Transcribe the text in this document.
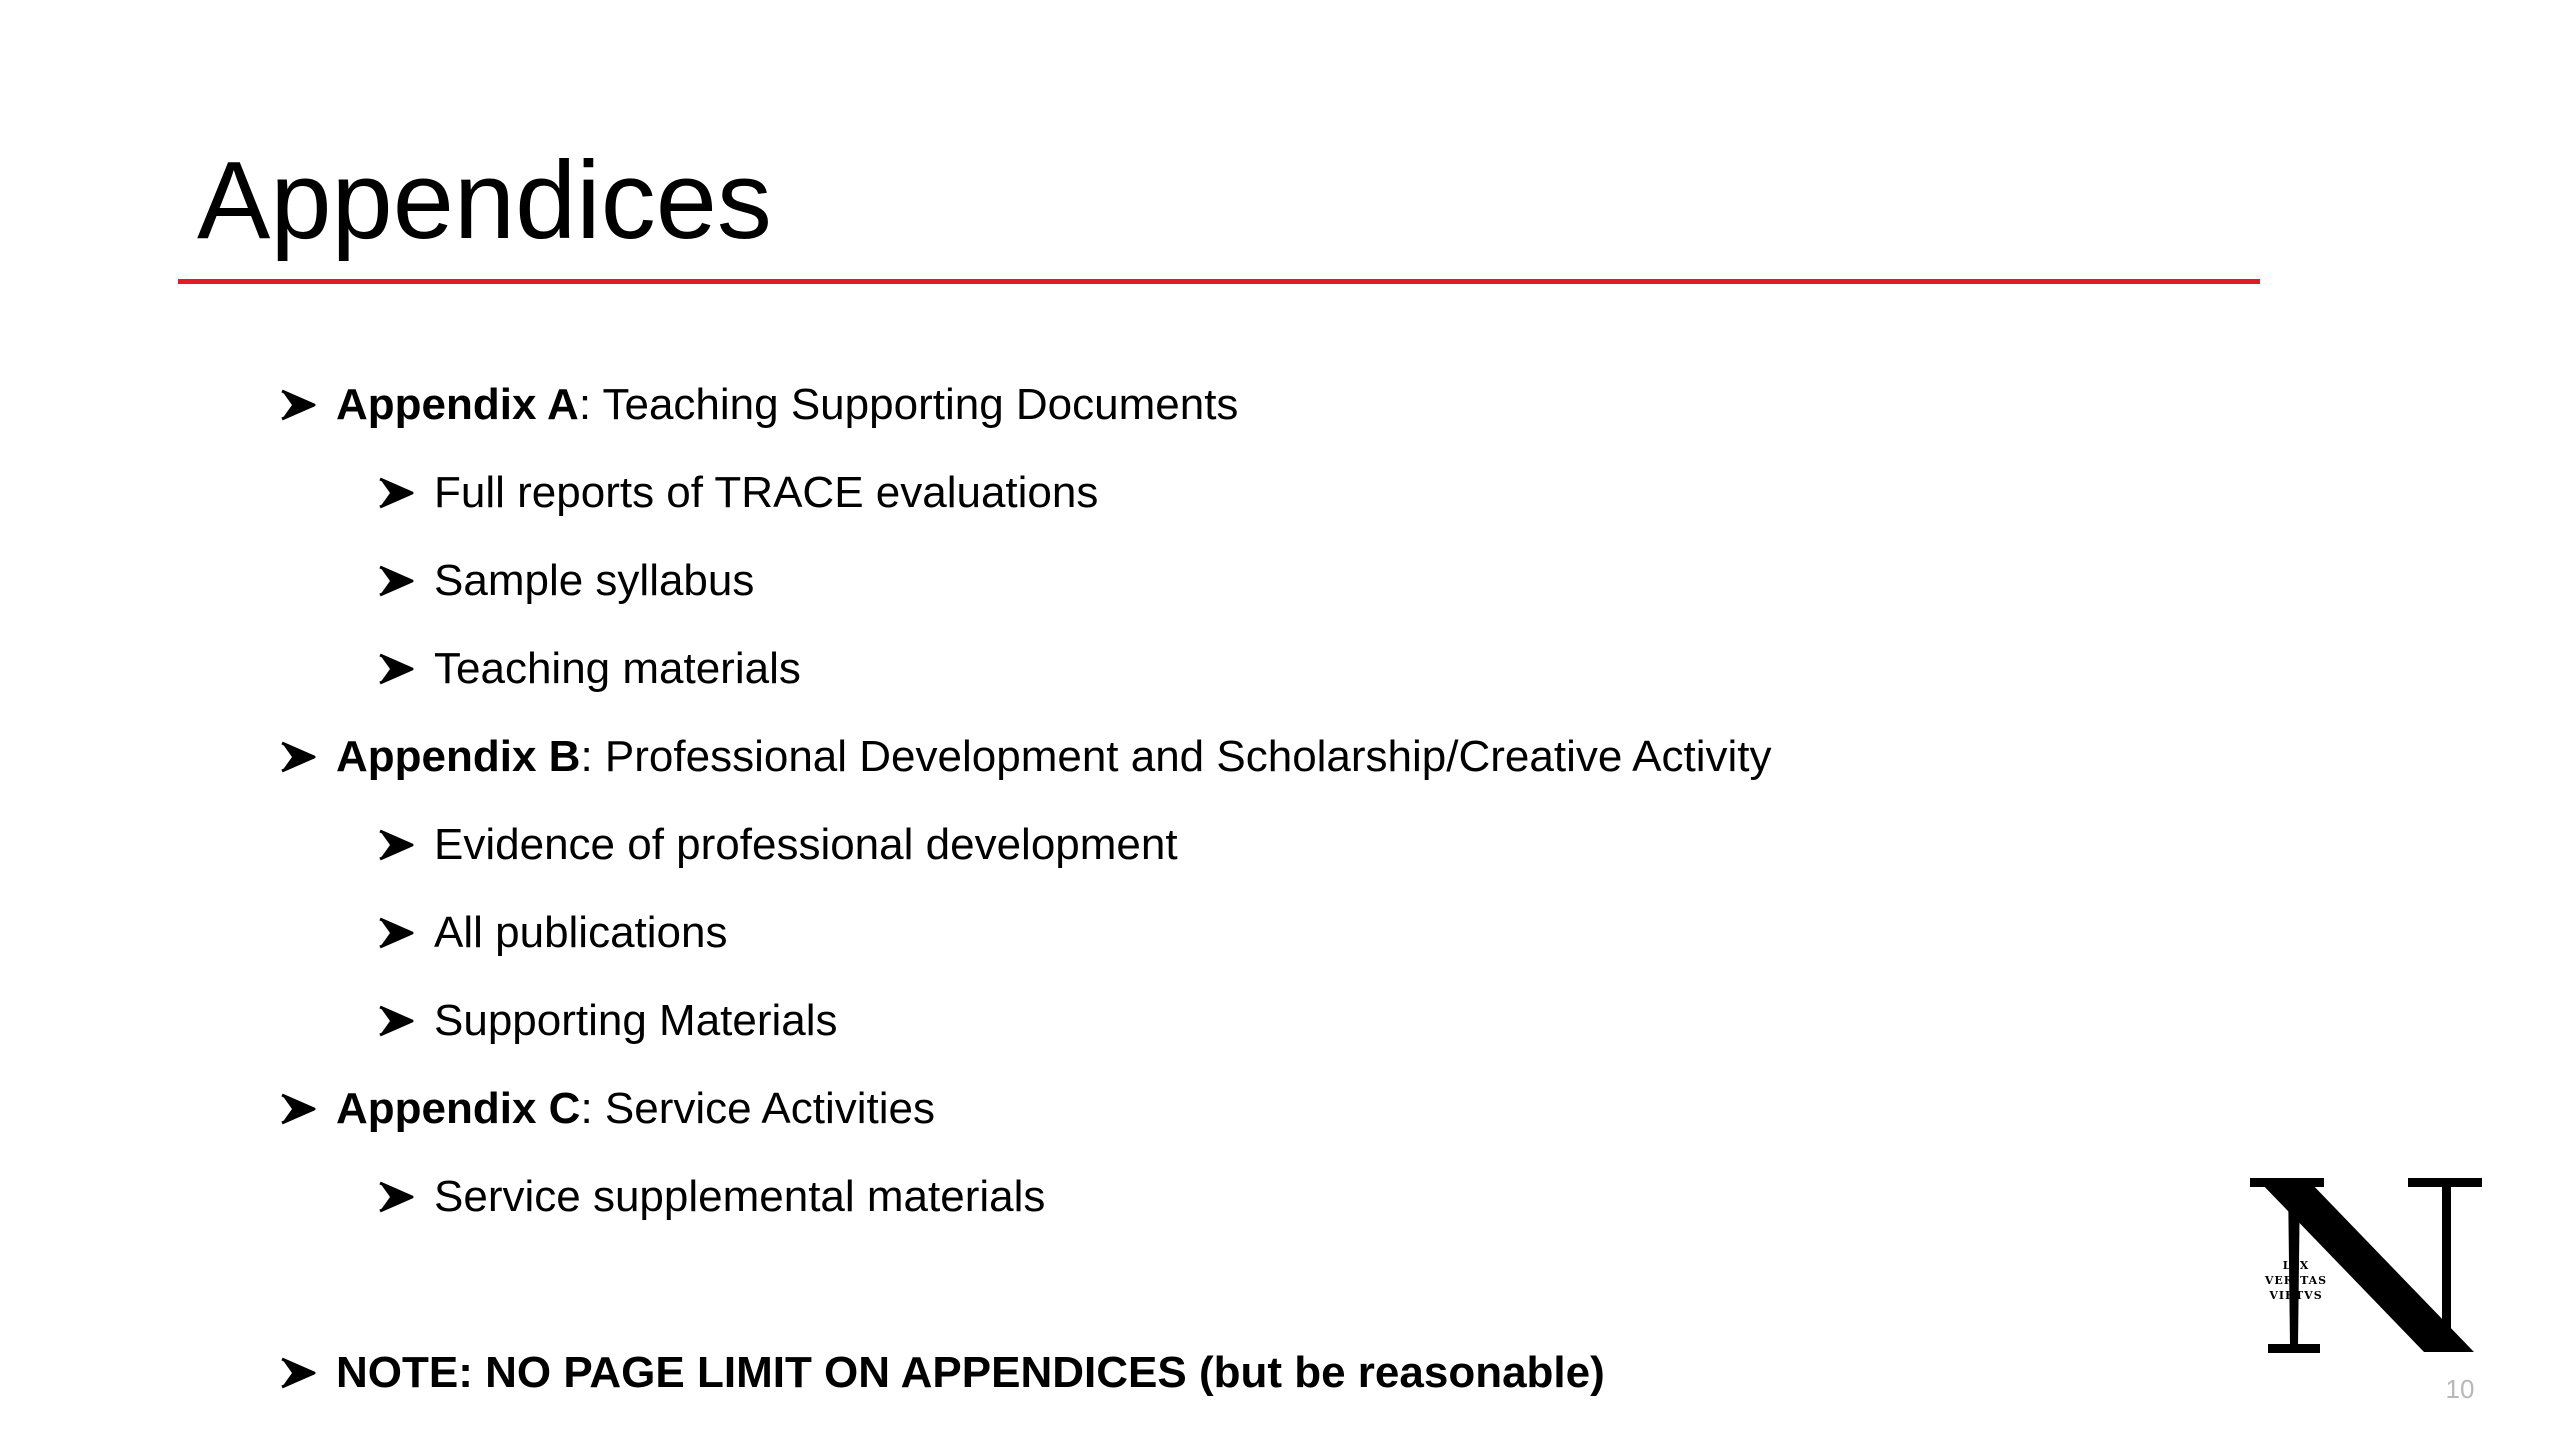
Appendices
Appendix A: Teaching Supporting Documents
Full reports of TRACE evaluations
Sample syllabus
Teaching materials
Appendix B: Professional Development and Scholarship/Creative Activity
Evidence of professional development
All publications
Supporting Materials
Appendix C: Service Activities
Service supplemental materials
NOTE: NO PAGE LIMIT ON APPENDICES (but be reasonable)
LVX
VERITAS
VIRTVS
10
